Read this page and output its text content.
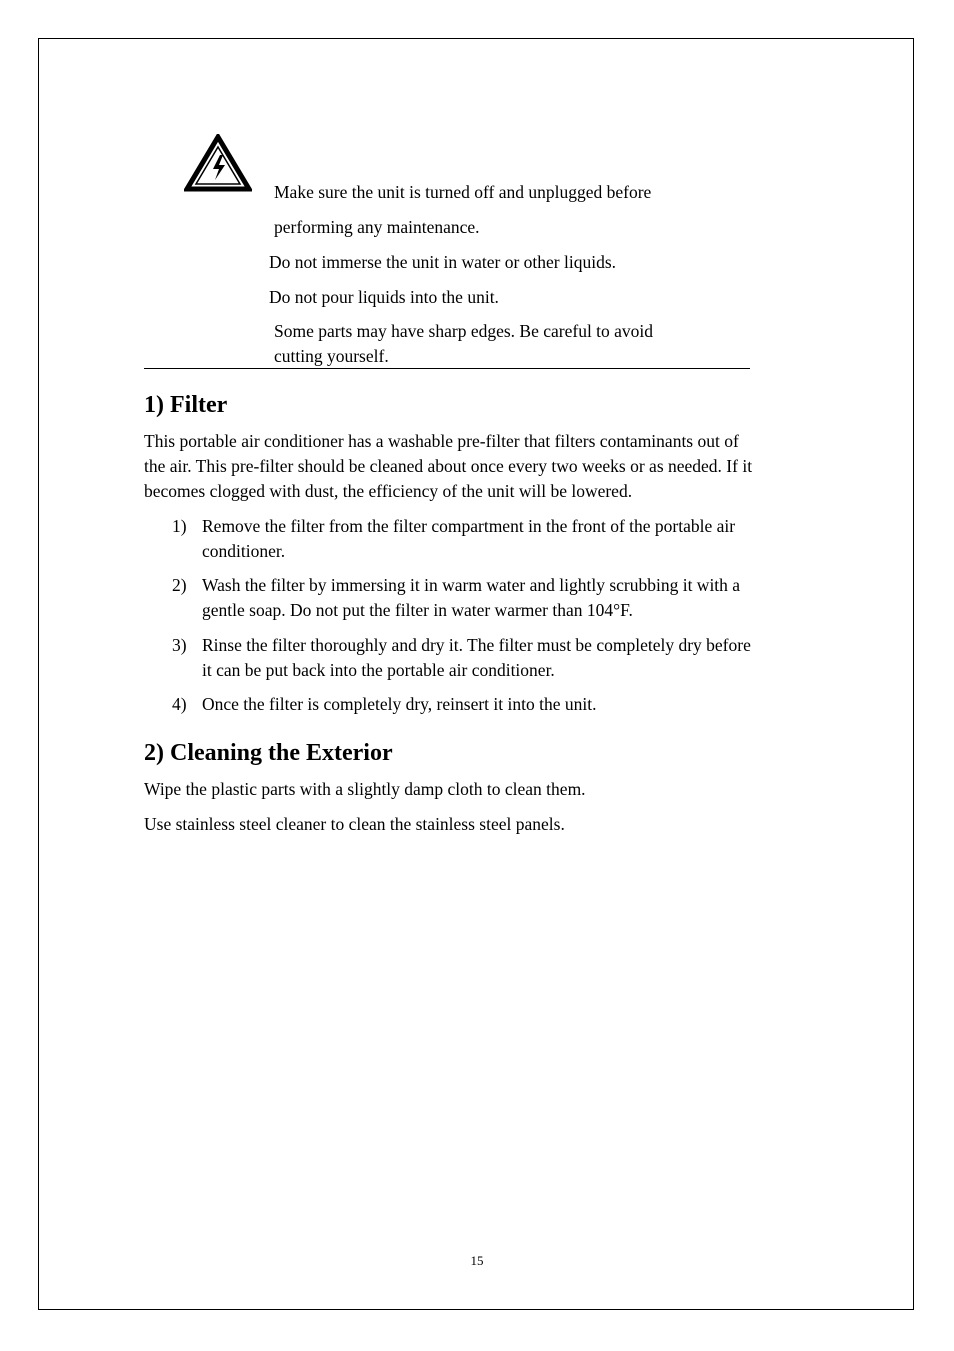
Make sure the unit is turned off and unplugged before
performing any maintenance.
Do not immerse the unit in water or other liquids.
Do not pour liquids into the unit.
Some parts may have sharp edges. Be careful to avoid
cutting yourself.
1) Filter
This portable air conditioner has a washable pre-filter that filters contaminants out of
the air. This pre-filter should be cleaned about once every two weeks or as needed. If it
becomes clogged with dust, the efficiency of the unit will be lowered.
1) Remove the filter from the filter compartment in the front of the portable air
conditioner.
2) Wash the filter by immersing it in warm water and lightly scrubbing it with a
gentle soap. Do not put the filter in water warmer than 104°F.
3) Rinse the filter thoroughly and dry it. The filter must be completely dry before
it can be put back into the portable air conditioner.
4) Once the filter is completely dry, reinsert it into the unit.
2) Cleaning the Exterior
Wipe the plastic parts with a slightly damp cloth to clean them.
Use stainless steel cleaner to clean the stainless steel panels.
15
